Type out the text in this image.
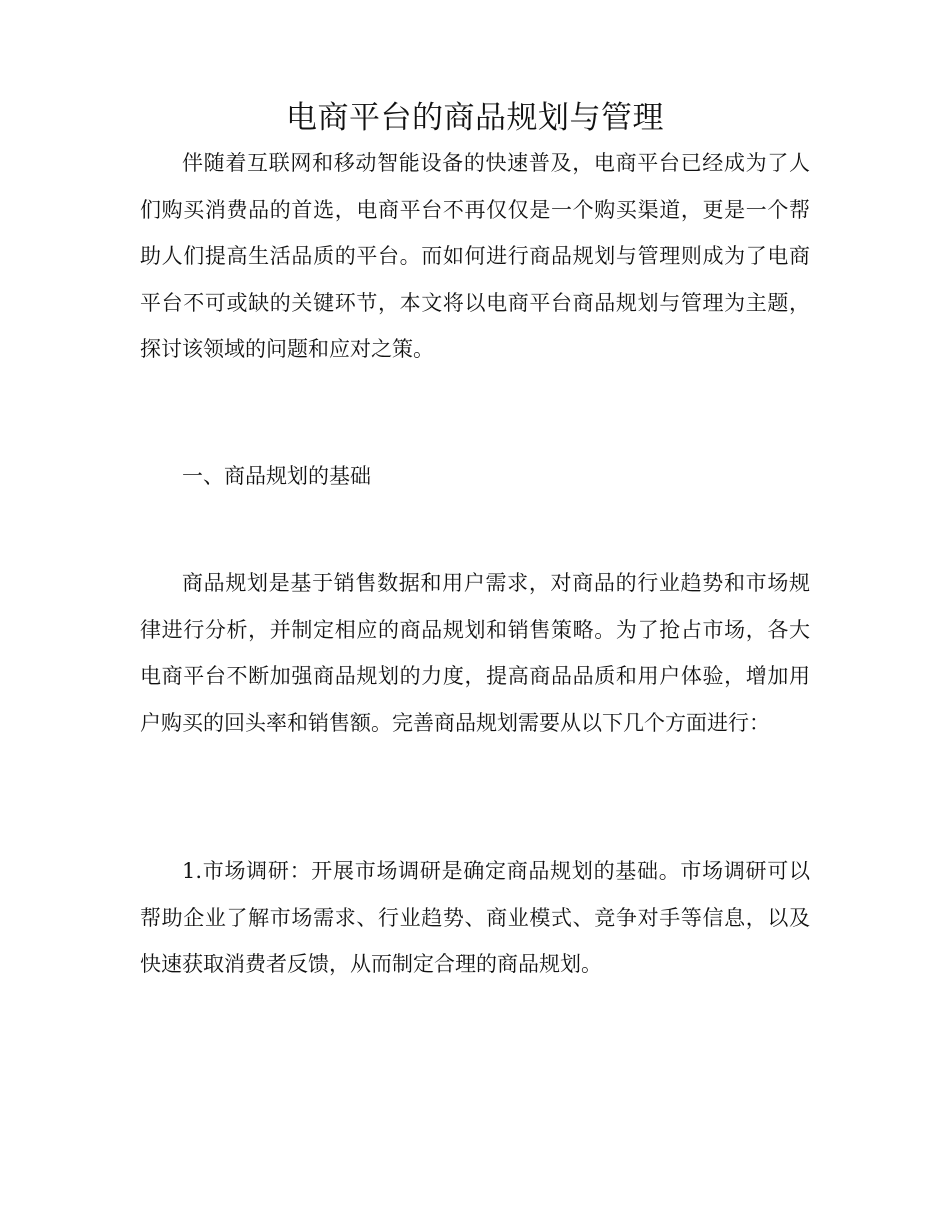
电商平台的商品规划与管理

伴随着互联网和移动智能设备的快速普及，电商平台已经成为了人们购买消费品的首选，电商平台不再仅仅是一个购买渠道，更是一个帮助人们提高生活品质的平台。而如何进行商品规划与管理则成为了电商平台不可或缺的关键环节，本文将以电商平台商品规划与管理为主题，探讨该领域的问题和应对之策。

一、商品规划的基础

商品规划是基于销售数据和用户需求，对商品的行业趋势和市场规律进行分析，并制定相应的商品规划和销售策略。为了抢占市场，各大电商平台不断加强商品规划的力度，提高商品品质和用户体验，增加用户购买的回头率和销售额。完善商品规划需要从以下几个方面进行：

1.市场调研：开展市场调研是确定商品规划的基础。市场调研可以帮助企业了解市场需求、行业趋势、商业模式、竞争对手等信息，以及快速获取消费者反馈，从而制定合理的商品规划。
